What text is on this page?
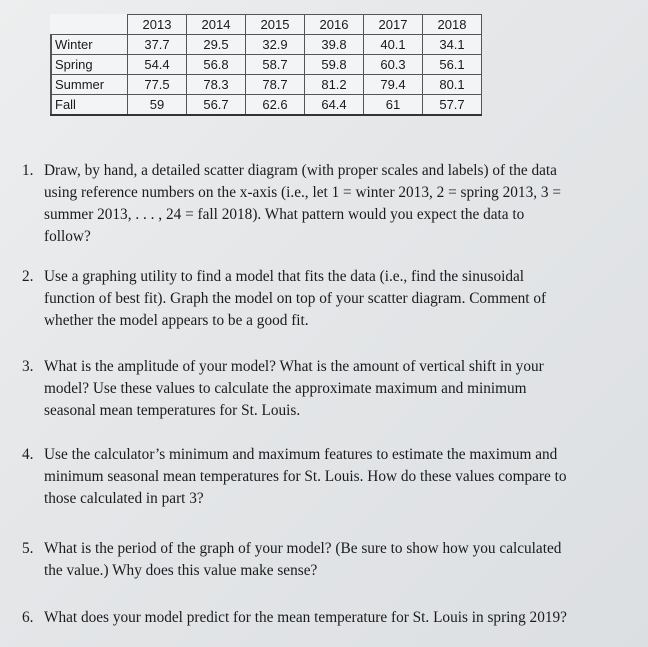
	2013	2014	2015	2016	2017	2018
Winter	37.7	29.5	32.9	39.8	40.1	34.1
Spring	54.4	56.8	58.7	59.8	60.3	56.1
Summer	77.5	78.3	78.7	81.2	79.4	80.1
Fall	59	56.7	62.6	64.4	61	57.7
1. Draw, by hand, a detailed scatter diagram (with proper scales and labels) of the data
using reference numbers on the x-axis (i.e., let 1 = winter 2013, 2 = spring 2013, 3 =
summer 2013, . . . , 24 = fall 2018). What pattern would you expect the data to
follow?
2. Use a graphing utility to find a model that fits the data (i.e., find the sinusoidal
function of best fit). Graph the model on top of your scatter diagram. Comment of
whether the model appears to be a good fit.
3. What is the amplitude of your model? What is the amount of vertical shift in your
model? Use these values to calculate the approximate maximum and minimum
seasonal mean temperatures for St. Louis.
4. Use the calculator’s minimum and maximum features to estimate the maximum and
minimum seasonal mean temperatures for St. Louis. How do these values compare to
those calculated in part 3?
5. What is the period of the graph of your model? (Be sure to show how you calculated
the value.) Why does this value make sense?
6. What does your model predict for the mean temperature for St. Louis in spring 2019?
